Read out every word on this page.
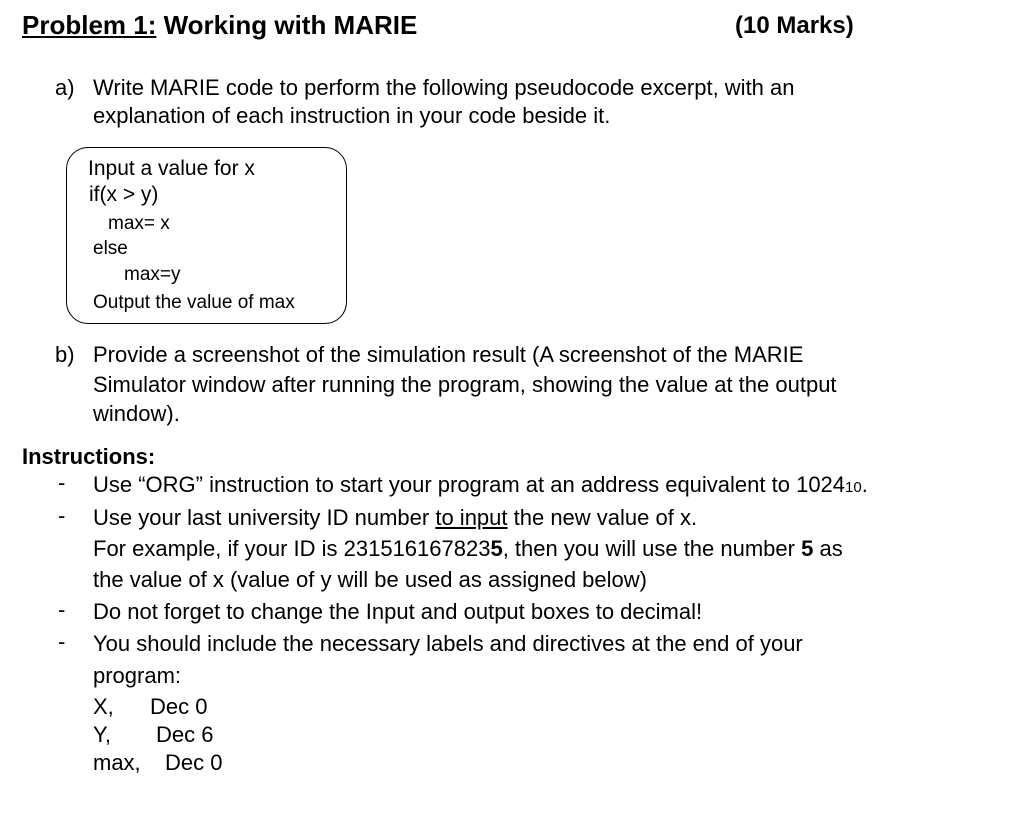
Problem 1: Working with MARIE	(10 Marks)
a) Write MARIE code to perform the following pseudocode excerpt, with an
explanation of each instruction in your code beside it.
Input a value for x
if(x > y)
max= x
else
max=y
Output the value of max
b) Provide a screenshot of the simulation result (A screenshot of the MARIE
Simulator window after running the program, showing the value at the output
window).
Instructions:
- Use “ORG” instruction to start your program at an address equivalent to 102410.
- Use your last university ID number to input the new value of x.
For example, if your ID is 2315161678235, then you will use the number 5 as
the value of x (value of y will be used as assigned below)
- Do not forget to change the Input and output boxes to decimal!
- You should include the necessary labels and directives at the end of your
program:
X, Dec 0
Y, Dec 6
max, Dec 0
